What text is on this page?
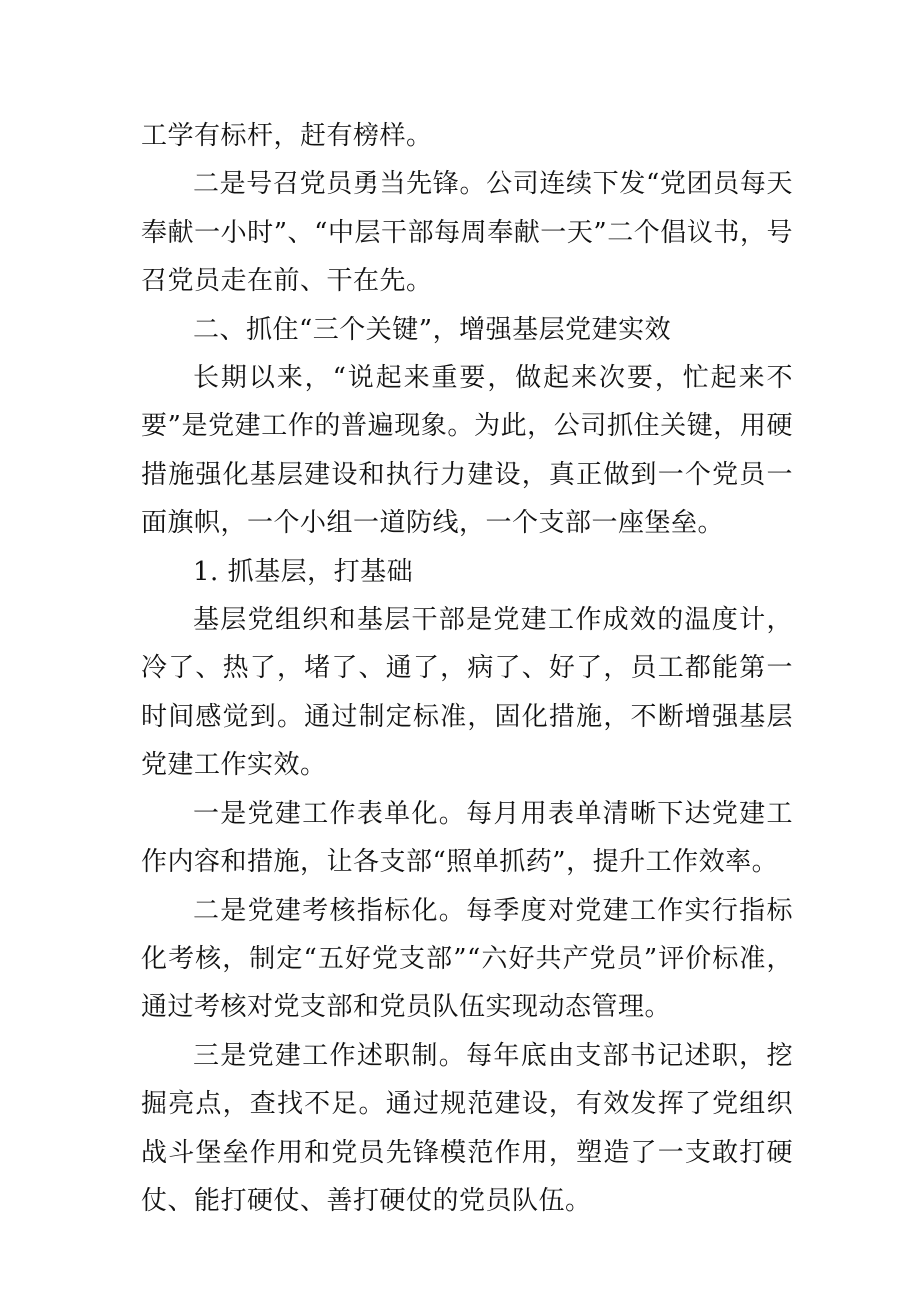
工学有标杆，赶有榜样。

二是号召党员勇当先锋。公司连续下发“党团员每天奉献一小时”、“中层干部每周奉献一天”二个倡议书，号召党员走在前、干在先。

二、抓住“三个关键”，增强基层党建实效

长期以来，“说起来重要，做起来次要，忙起来不要”是党建工作的普遍现象。为此，公司抓住关键，用硬措施强化基层建设和执行力建设，真正做到一个党员一面旗帜，一个小组一道防线，一个支部一座堡垒。

1. 抓基层，打基础

基层党组织和基层干部是党建工作成效的温度计，冷了、热了，堵了、通了，病了、好了，员工都能第一时间感觉到。通过制定标准，固化措施，不断增强基层党建工作实效。

一是党建工作表单化。每月用表单清晰下达党建工作内容和措施，让各支部“照单抓药”，提升工作效率。

二是党建考核指标化。每季度对党建工作实行指标化考核，制定“五好党支部”“六好共产党员”评价标准，通过考核对党支部和党员队伍实现动态管理。

三是党建工作述职制。每年底由支部书记述职，挖掘亮点，查找不足。通过规范建设，有效发挥了党组织战斗堡垒作用和党员先锋模范作用，塑造了一支敢打硬仗、能打硬仗、善打硬仗的党员队伍。
